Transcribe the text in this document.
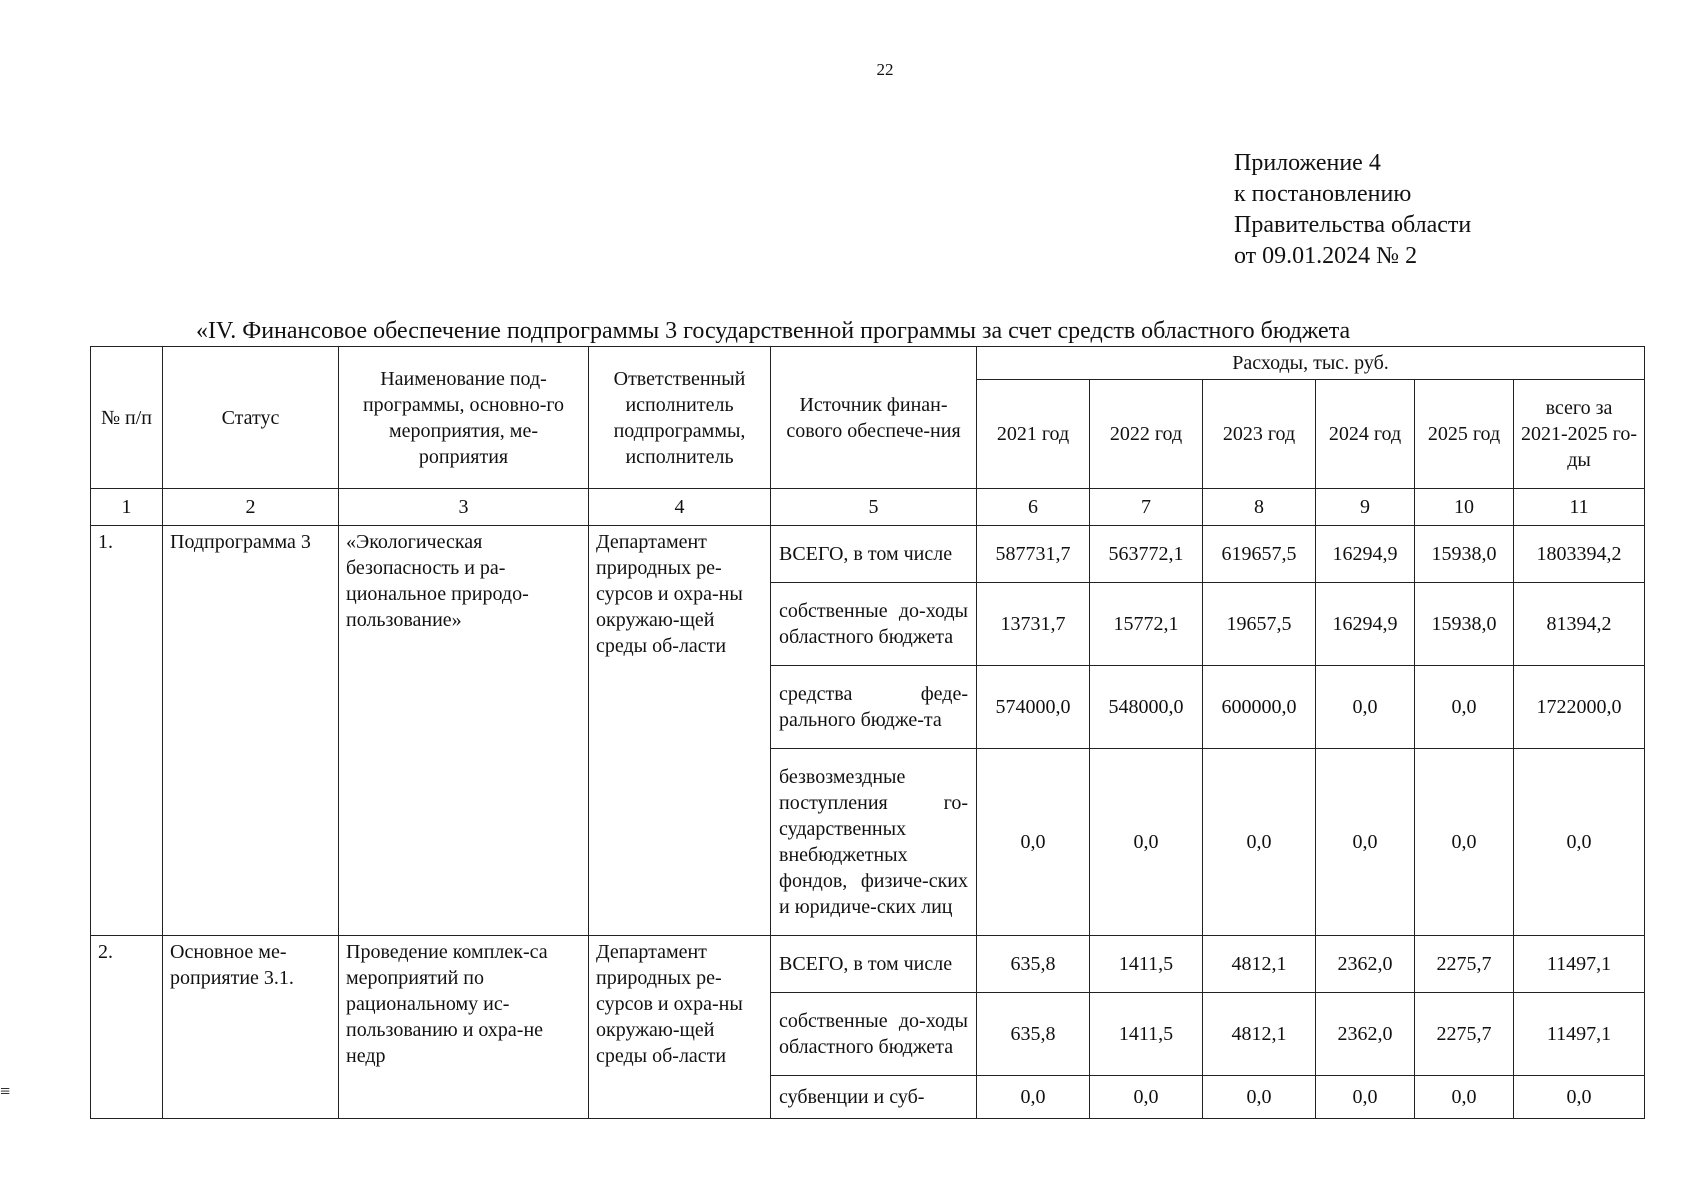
22
Приложение 4
к постановлению
Правительства области
от 09.01.2024 № 2
«IV. Финансовое обеспечение подпрограммы 3 государственной программы за счет средств областного бюджета
№ п/п	Статус	Наименование под-программы, основно-го мероприятия, ме-роприятия	Ответственный исполнитель подпрограммы, исполнитель	Источник финан-сового обеспече-ния	Расходы, тыс. руб.					
					2021 год	2022 год	2023 год	2024 год	2025 год	всего за 2021-2025 го-ды
1	2	3	4	5	6	7	8	9	10	11
1.	Подпрограмма 3	«Экологическая безопасность и ра-циональное природо-пользование»	Департамент природных ре-сурсов и охра-ны окружаю-щей среды об-ласти	ВСЕГО, в том числе	587731,7	563772,1	619657,5	16294,9	15938,0	1803394,2
				собственные до-ходы областного бюджета	13731,7	15772,1	19657,5	16294,9	15938,0	81394,2
				средства феде-рального бюдже-та	574000,0	548000,0	600000,0	0,0	0,0	1722000,0
				безвозмездные поступления го-сударственных внебюджетных фондов, физиче-ских и юридиче-ских лиц	0,0	0,0	0,0	0,0	0,0	0,0
2.	Основное ме-роприятие 3.1.	Проведение комплек-са мероприятий по рациональному ис-пользованию и охра-не недр	Департамент природных ре-сурсов и охра-ны окружаю-щей среды об-ласти	ВСЕГО, в том числе	635,8	1411,5	4812,1	2362,0	2275,7	11497,1
				собственные до-ходы областного бюджета	635,8	1411,5	4812,1	2362,0	2275,7	11497,1
				субвенции и суб-	0,0	0,0	0,0	0,0	0,0	0,0
≡
